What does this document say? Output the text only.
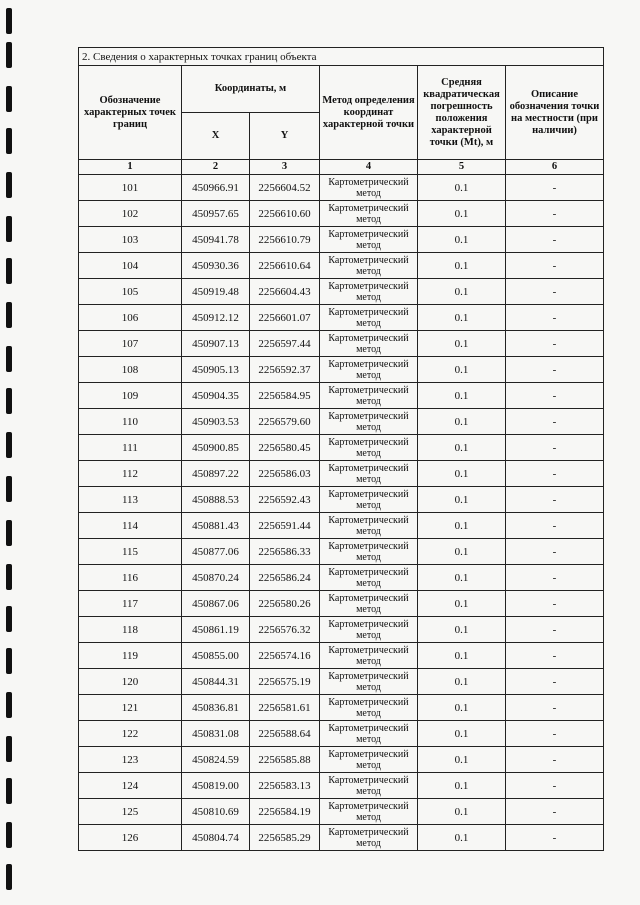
2. Сведения о характерных точках границ объекта					
Обозначение характерных точек границ	Координаты, м		Метод определения координат характерной точки	Средняя квадратическая погрешность положения характерной точки (Mt), м	Описание обозначения точки на местности (при наличии)
	X	Y			
1	2	3	4	5	6
101	450966.91	2256604.52	Картометрический метод	0.1	-
102	450957.65	2256610.60	Картометрический метод	0.1	-
103	450941.78	2256610.79	Картометрический метод	0.1	-
104	450930.36	2256610.64	Картометрический метод	0.1	-
105	450919.48	2256604.43	Картометрический метод	0.1	-
106	450912.12	2256601.07	Картометрический метод	0.1	-
107	450907.13	2256597.44	Картометрический метод	0.1	-
108	450905.13	2256592.37	Картометрический метод	0.1	-
109	450904.35	2256584.95	Картометрический метод	0.1	-
110	450903.53	2256579.60	Картометрический метод	0.1	-
111	450900.85	2256580.45	Картометрический метод	0.1	-
112	450897.22	2256586.03	Картометрический метод	0.1	-
113	450888.53	2256592.43	Картометрический метод	0.1	-
114	450881.43	2256591.44	Картометрический метод	0.1	-
115	450877.06	2256586.33	Картометрический метод	0.1	-
116	450870.24	2256586.24	Картометрический метод	0.1	-
117	450867.06	2256580.26	Картометрический метод	0.1	-
118	450861.19	2256576.32	Картометрический метод	0.1	-
119	450855.00	2256574.16	Картометрический метод	0.1	-
120	450844.31	2256575.19	Картометрический метод	0.1	-
121	450836.81	2256581.61	Картометрический метод	0.1	-
122	450831.08	2256588.64	Картометрический метод	0.1	-
123	450824.59	2256585.88	Картометрический метод	0.1	-
124	450819.00	2256583.13	Картометрический метод	0.1	-
125	450810.69	2256584.19	Картометрический метод	0.1	-
126	450804.74	2256585.29	Картометрический метод	0.1	-
